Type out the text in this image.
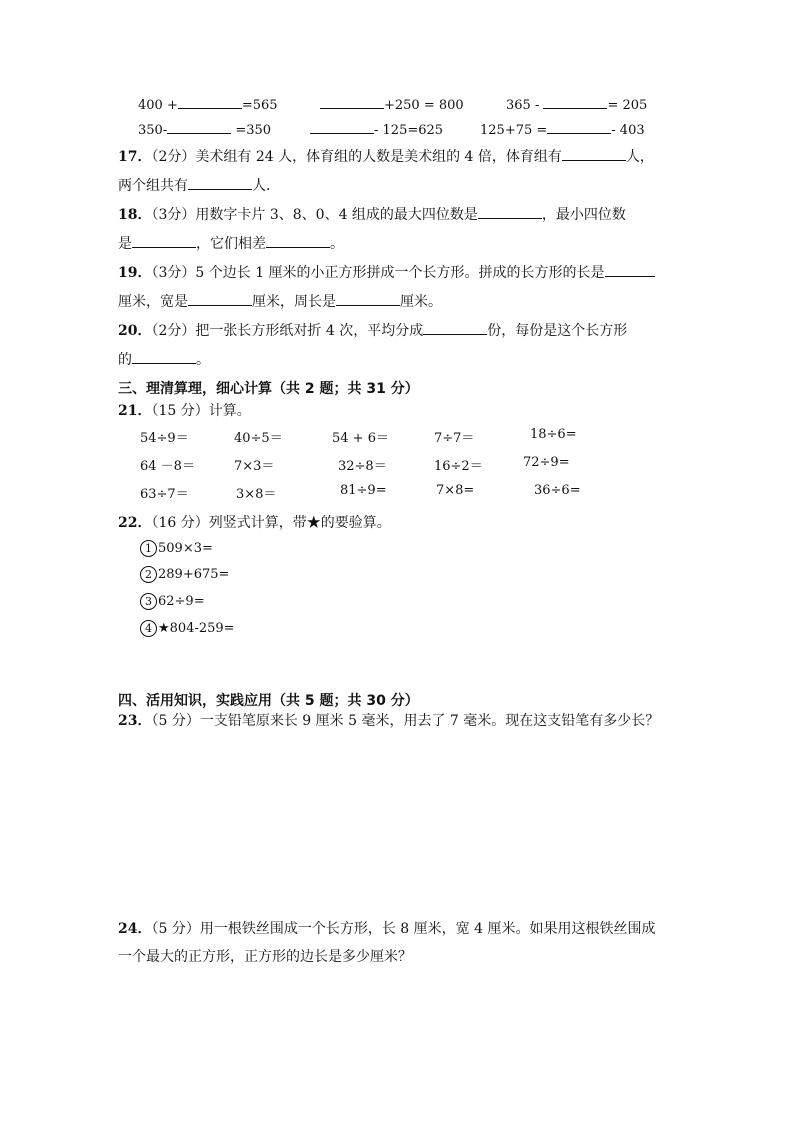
400 +	=565	+250 = 800	365 -	= 205
350-	=350	- 125=625	125+75 =	- 403
17．（2分）美术组有 24 人，体育组的人数是美术组的 4 倍，体育组有	人，
两个组共有	人．
18．（3分）用数字卡片 3、8、0、4 组成的最大四位数是	，最小四位数
是	，它们相差	。
19．（3分）5 个边长 1 厘米的小正方形拼成一个长方形。拼成的长方形的长是
厘米，宽是	厘米，周长是	厘米。
20．（2分）把一张长方形纸对折 4 次，平均分成	份，每份是这个长方形
的	。
三、理清算理，细心计算（共 2 题；共 31 分）
21．（15 分）计算。
54÷9＝	40÷5＝	54 + 6＝	7÷7＝	18÷6=
64 －8＝	7×3＝	32÷8＝	16÷2＝	72÷9=
63÷7＝	3×8＝	81÷9=	7×8=	36÷6=
22．（16 分）列竖式计算，带★的要验算。
1 509×3=
2 289+675=
3 62÷9=
4 ★804-259=
四、活用知识，实践应用（共 5 题；共 30 分）
23．（5 分）一支铅笔原来长 9 厘米 5 毫米，用去了 7 毫米。现在这支铅笔有多少长？
24．（5 分）用一根铁丝围成一个长方形，长 8 厘米，宽 4 厘米。如果用这根铁丝围成
一个最大的正方形，正方形的边长是多少厘米？
